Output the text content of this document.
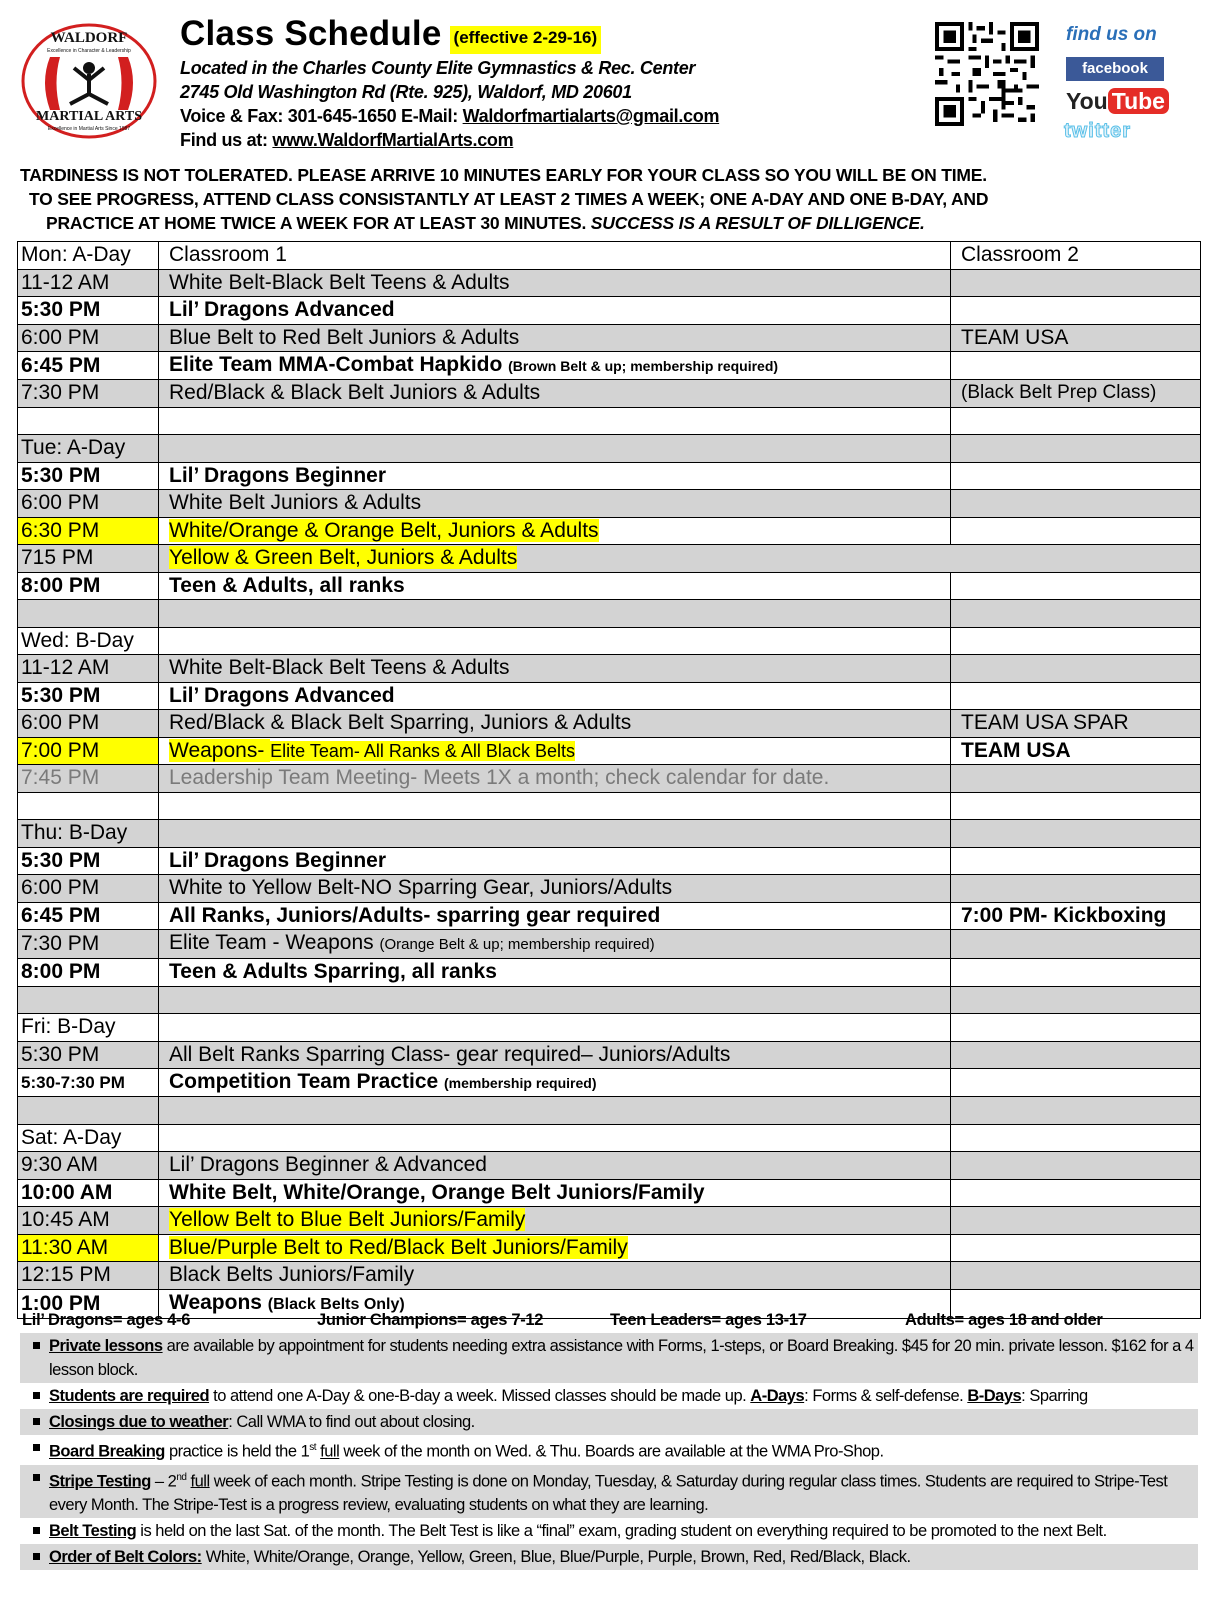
WALDORF
MARTIAL ARTS
Excellence in Martial Arts Since 1987
Excellence in Character & Leadership Class Schedule (effective 2-29-16)
Located in the Charles County Elite Gymnastics & Rec. Center
2745 Old Washington Rd (Rte. 925), Waldorf, MD 20601
Voice & Fax: 301-645-1650 E-Mail: Waldorfmartialarts@gmail.com
Find us at: www.WaldorfMartialArts.com
find us on
facebook
You Tube
twitter
TARDINESS IS NOT TOLERATED. PLEASE ARRIVE 10 MINUTES EARLY FOR YOUR CLASS SO YOU WILL BE ON TIME.
TO SEE PROGRESS, ATTEND CLASS CONSISTANTLY AT LEAST 2 TIMES A WEEK; ONE A-DAY AND ONE B-DAY, AND
PRACTICE AT HOME TWICE A WEEK FOR AT LEAST 30 MINUTES. SUCCESS IS A RESULT OF DILLIGENCE.
Mon: A-Day	Classroom 1	Classroom 2
11-12 AM	White Belt-Black Belt Teens & Adults	
5:30 PM	Lil’ Dragons Advanced	
6:00 PM	Blue Belt to Red Belt Juniors & Adults	TEAM USA
6:45 PM	Elite Team MMA-Combat Hapkido (Brown Belt & up; membership required)	
7:30 PM	Red/Black & Black Belt Juniors & Adults	(Black Belt Prep Class)

Tue: A-Day		
5:30 PM	Lil’ Dragons Beginner	
6:00 PM	White Belt Juniors & Adults	
6:30 PM	White/Orange & Orange Belt, Juniors & Adults	
715 PM	Yellow & Green Belt, Juniors & Adults	
8:00 PM	Teen & Adults, all ranks	

Wed: B-Day		
11-12 AM	White Belt-Black Belt Teens & Adults	
5:30 PM	Lil’ Dragons Advanced	
6:00 PM	Red/Black & Black Belt Sparring, Juniors & Adults	TEAM USA SPAR
7:00 PM	Weapons- Elite Team- All Ranks & All Black Belts	TEAM USA
7:45 PM	Leadership Team Meeting- Meets 1X a month; check calendar for date.	

Thu: B-Day		
5:30 PM	Lil’ Dragons Beginner	
6:00 PM	White to Yellow Belt-NO Sparring Gear, Juniors/Adults	
6:45 PM	All Ranks, Juniors/Adults- sparring gear required	7:00 PM- Kickboxing
7:30 PM	Elite Team - Weapons (Orange Belt & up; membership required)	
8:00 PM	Teen & Adults Sparring, all ranks	

Fri: B-Day		
5:30 PM	All Belt Ranks Sparring Class- gear required– Juniors/Adults	
5:30-7:30 PM	Competition Team Practice (membership required)	

Sat: A-Day		
9:30 AM	Lil’ Dragons Beginner & Advanced	
10:00 AM	White Belt, White/Orange, Orange Belt Juniors/Family	
10:45 AM	Yellow Belt to Blue Belt Juniors/Family	
11:30 AM	Blue/Purple Belt to Red/Black Belt Juniors/Family	
12:15 PM	Black Belts Juniors/Family	
1:00 PM	Weapons (Black Belts Only)	
Lil’ Dragons= ages 4-6	Junior Champions= ages 7-12	Teen Leaders= ages 13-17	Adults= ages 18 and older
Private lessons are available by appointment for students needing extra assistance with Forms, 1-steps, or Board Breaking. $45 for 20 min. private lesson. $162 for a 4 lesson block.
Students are required to attend one A-Day & one-B-day a week. Missed classes should be made up. A-Days: Forms & self-defense. B-Days: Sparring
Closings due to weather: Call WMA to find out about closing.
Board Breaking practice is held the 1st full week of the month on Wed. & Thu. Boards are available at the WMA Pro-Shop.
Stripe Testing – 2nd full week of each month. Stripe Testing is done on Monday, Tuesday, & Saturday during regular class times. Students are required to Stripe-Test every Month. The Stripe-Test is a progress review, evaluating students on what they are learning.
Belt Testing is held on the last Sat. of the month. The Belt Test is like a “final” exam, grading student on everything required to be promoted to the next Belt.
Order of Belt Colors: White, White/Orange, Orange, Yellow, Green, Blue, Blue/Purple, Purple, Brown, Red, Red/Black, Black.
